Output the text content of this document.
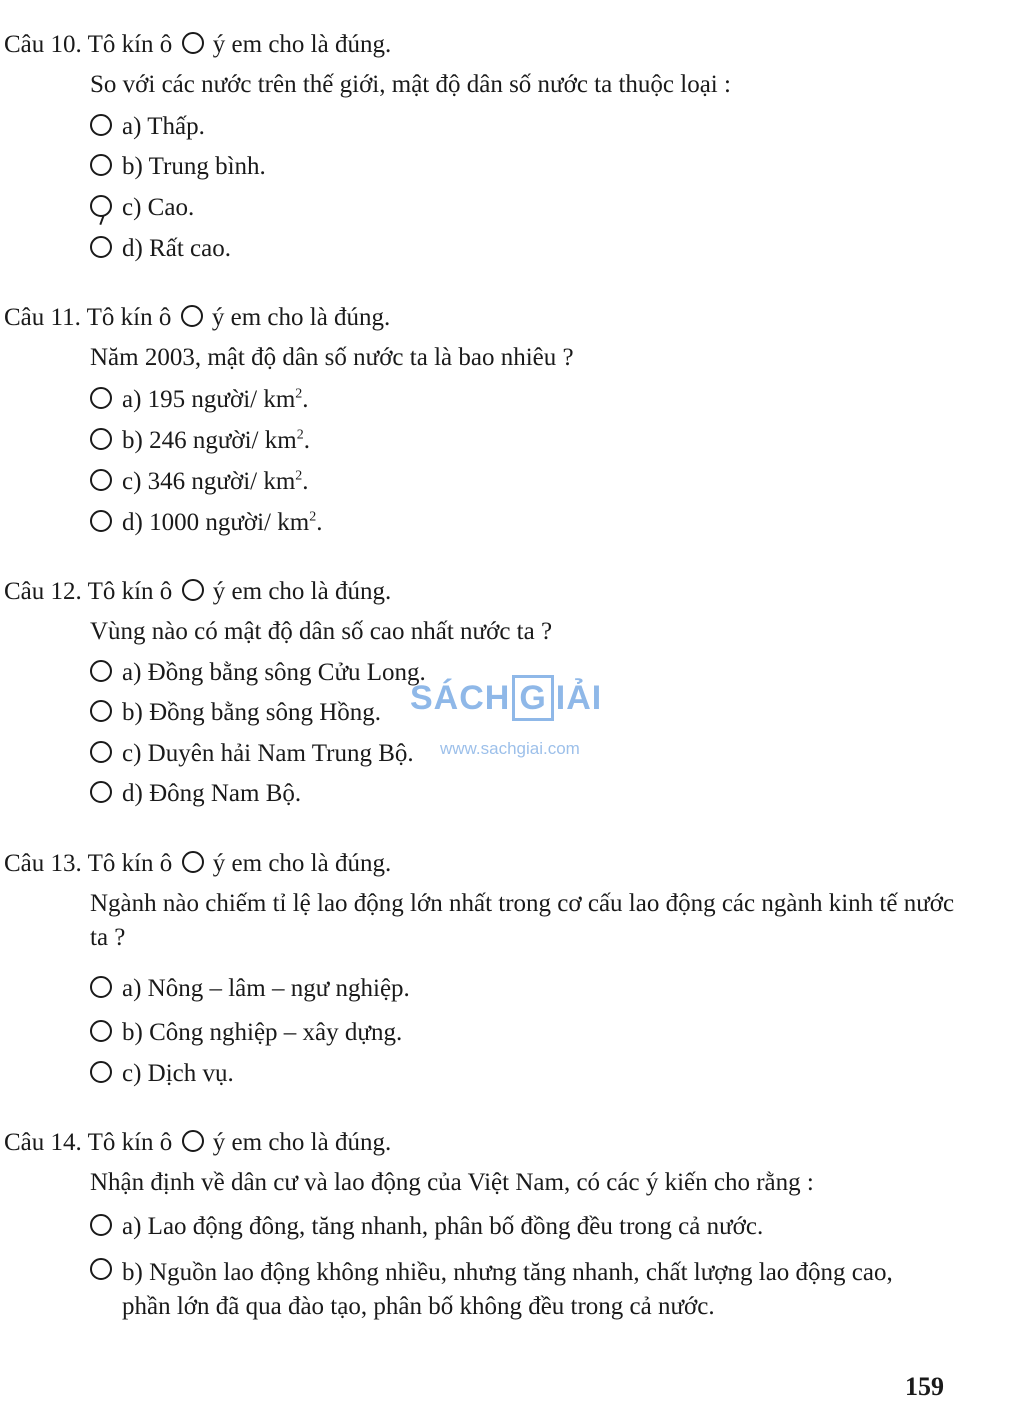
Câu 10. Tô kín ô ý em cho là đúng.
So với các nước trên thế giới, mật độ dân số nước ta thuộc loại :
a) Thấp.
b) Trung bình.
c) Cao.
d) Rất cao.
Câu 11. Tô kín ô ý em cho là đúng.
Năm 2003, mật độ dân số nước ta là bao nhiêu ?
a) 195 người/ $km^2$.
b) 246 người/ $km^2$.
c) 346 người/ $km^2$.
d) 1000 người/ $km^2$.
Câu 12. Tô kín ô ý em cho là đúng.
Vùng nào có mật độ dân số cao nhất nước ta ?
a) Đồng bằng sông Cửu Long.
b) Đồng bằng sông Hồng.
c) Duyên hải Nam Trung Bộ.
d) Đông Nam Bộ.
Câu 13. Tô kín ô ý em cho là đúng.
Ngành nào chiếm tỉ lệ lao động lớn nhất trong cơ cấu lao động các ngành kinh tế nước ta ?
a) Nông – lâm – ngư nghiệp.
b) Công nghiệp – xây dựng.
c) Dịch vụ.
Câu 14. Tô kín ô ý em cho là đúng.
Nhận định về dân cư và lao động của Việt Nam, có các ý kiến cho rằng :
a) Lao động đông, tăng nhanh, phân bố đồng đều trong cả nước.
b) Nguồn lao động không nhiều, nhưng tăng nhanh, chất lượng lao động cao, phần lớn đã qua đào tạo, phân bố không đều trong cả nước.
SÁCH G IẢI
www.sachgiai.com
159
